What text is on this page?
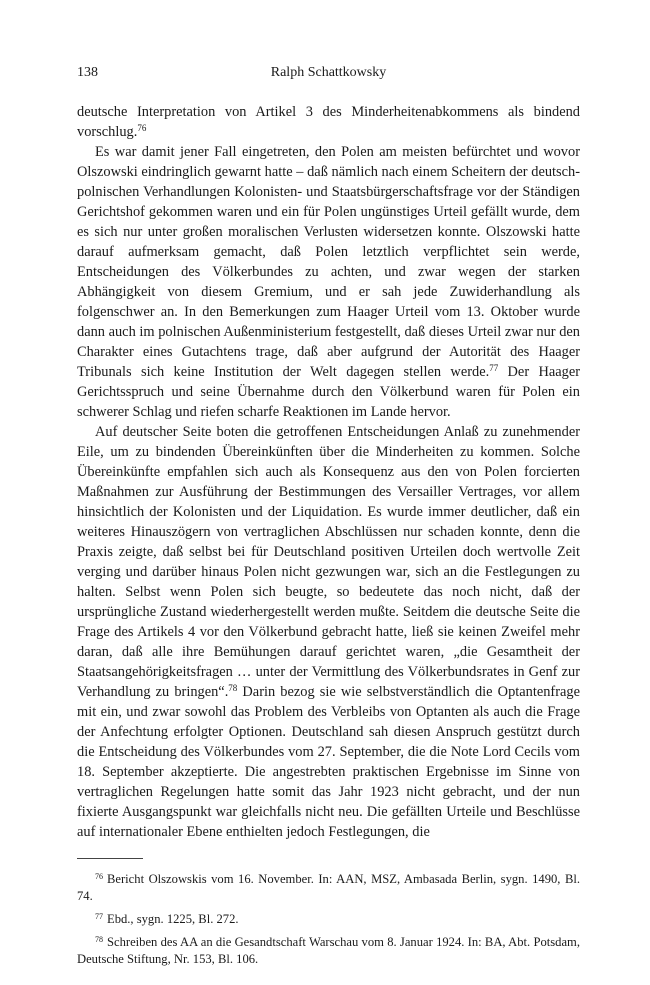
138	Ralph Schattkowsky

deutsche Interpretation von Artikel 3 des Minderheitenabkommens als bindend vorschlug.$^{76}$

Es war damit jener Fall eingetreten, den Polen am meisten befürchtet und wovor Olszowski eindringlich gewarnt hatte – daß nämlich nach einem Scheitern der deutsch-polnischen Verhandlungen Kolonisten- und Staatsbürgerschaftsfrage vor der Ständigen Gerichtshof gekommen waren und ein für Polen ungünstiges Urteil gefällt wurde, dem es sich nur unter großen moralischen Verlusten widersetzen konnte. Olszowski hatte darauf aufmerksam gemacht, daß Polen letztlich verpflichtet sein werde, Entscheidungen des Völkerbundes zu achten, und zwar wegen der starken Abhängigkeit von diesem Gremium, und er sah jede Zuwiderhandlung als folgenschwer an. In den Bemerkungen zum Haager Urteil vom 13. Oktober wurde dann auch im polnischen Außenministerium festgestellt, daß dieses Urteil zwar nur den Charakter eines Gutachtens trage, daß aber aufgrund der Autorität des Haager Tribunals sich keine Institution der Welt dagegen stellen werde.$^{77}$ Der Haager Gerichtsspruch und seine Übernahme durch den Völkerbund waren für Polen ein schwerer Schlag und riefen scharfe Reaktionen im Lande hervor.

Auf deutscher Seite boten die getroffenen Entscheidungen Anlaß zu zunehmender Eile, um zu bindenden Übereinkünften über die Minderheiten zu kommen. Solche Übereinkünfte empfahlen sich auch als Konsequenz aus den von Polen forcierten Maßnahmen zur Ausführung der Bestimmungen des Versailler Vertrages, vor allem hinsichtlich der Kolonisten und der Liquidation. Es wurde immer deutlicher, daß ein weiteres Hinauszögern von vertraglichen Abschlüssen nur schaden konnte, denn die Praxis zeigte, daß selbst bei für Deutschland positiven Urteilen doch wertvolle Zeit verging und darüber hinaus Polen nicht gezwungen war, sich an die Festlegungen zu halten. Selbst wenn Polen sich beugte, so bedeutete das noch nicht, daß der ursprüngliche Zustand wiederhergestellt werden mußte. Seitdem die deutsche Seite die Frage des Artikels 4 vor den Völkerbund gebracht hatte, ließ sie keinen Zweifel mehr daran, daß alle ihre Bemühungen darauf gerichtet waren, „die Gesamtheit der Staatsangehörigkeitsfragen … unter der Vermittlung des Völkerbundsrates in Genf zur Verhandlung zu bringen“.$^{78}$ Darin bezog sie wie selbstverständlich die Optantenfrage mit ein, und zwar sowohl das Problem des Verbleibs von Optanten als auch die Frage der Anfechtung erfolgter Optionen. Deutschland sah diesen Anspruch gestützt durch die Entscheidung des Völkerbundes vom 27. September, die die Note Lord Cecils vom 18. September akzeptierte. Die angestrebten praktischen Ergebnisse im Sinne von vertraglichen Regelungen hatte somit das Jahr 1923 nicht gebracht, und der nun fixierte Ausgangspunkt war gleichfalls nicht neu. Die gefällten Urteile und Beschlüsse auf internationaler Ebene enthielten jedoch Festlegungen, die

$^{76}$ Bericht Olszowskis vom 16. November. In: AAN, MSZ, Ambasada Berlin, sygn. 1490, Bl. 74.

$^{77}$ Ebd., sygn. 1225, Bl. 272.

$^{78}$ Schreiben des AA an die Gesandtschaft Warschau vom 8. Januar 1924. In: BA, Abt. Potsdam, Deutsche Stiftung, Nr. 153, Bl. 106.
